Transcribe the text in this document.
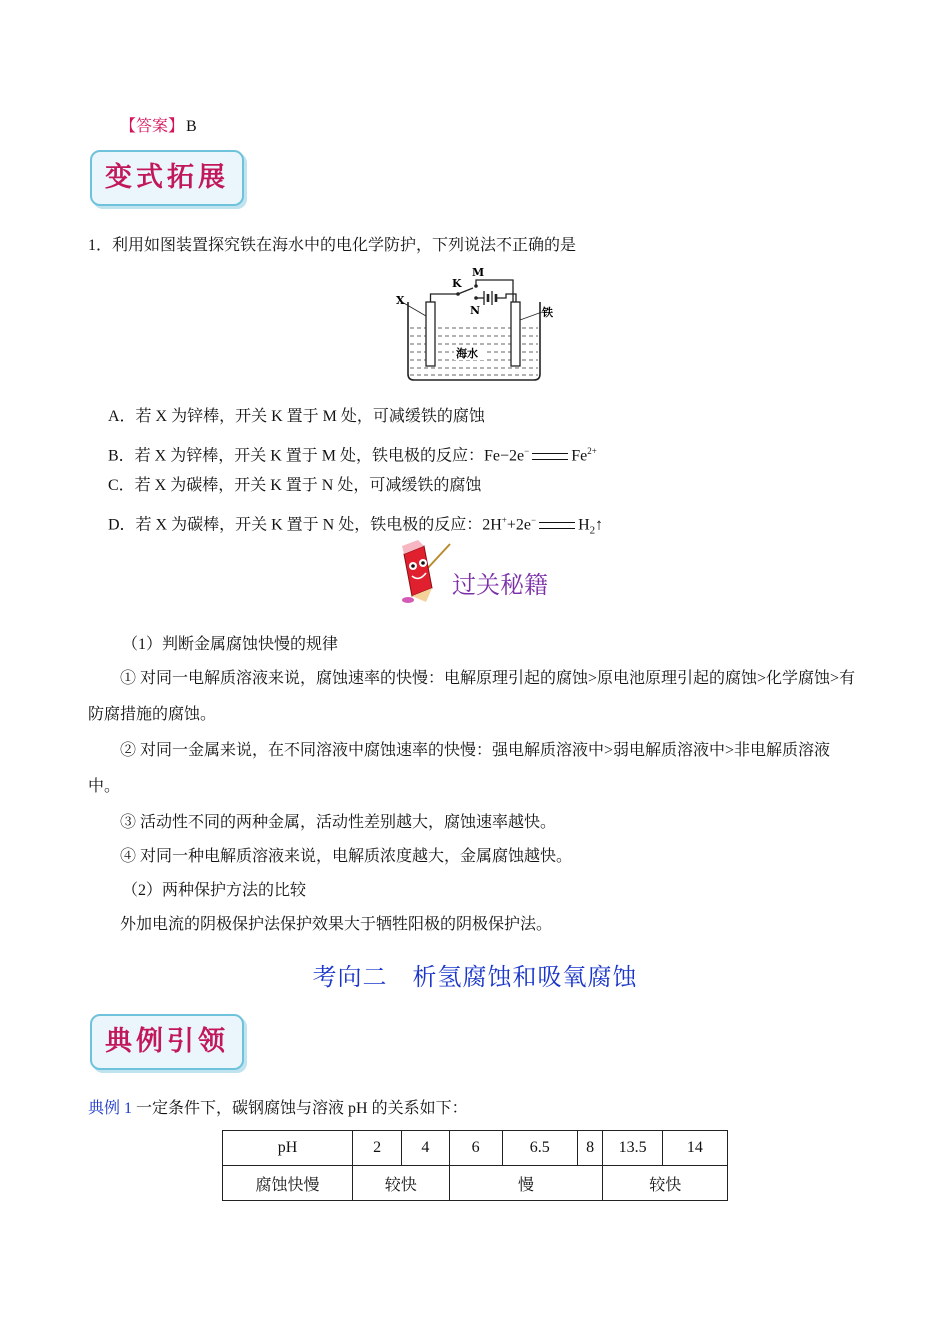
【答案】 B
变式拓展
1．利用如图装置探究铁在海水中的电化学防护，下列说法不正确的是
X
K
M
N	铁
海水
A．若 X 为锌棒，开关 K 置于 M 处，可减缓铁的腐蚀
B．若 X 为锌棒，开关 K 置于 M 处，铁电极的反应：Fe−2e−	$Fe^{2+}$
C．若 X 为碳棒，开关 K 置于 N 处，可减缓铁的腐蚀
D．若 X 为碳棒，开关 K 置于 N 处，铁电极的反应：2H++2e−	$H_2↑$
过关秘籍
（1）判断金属腐蚀快慢的规律
① 对同一电解质溶液来说，腐蚀速率的快慢：电解原理引起的腐蚀>原电池原理引起的腐蚀>化学腐蚀>有防腐措施的腐蚀。
② 对同一金属来说，在不同溶液中腐蚀速率的快慢：强电解质溶液中>弱电解质溶液中>非电解质溶液中。
③ 活动性不同的两种金属，活动性差别越大，腐蚀速率越快。
④ 对同一种电解质溶液来说，电解质浓度越大，金属腐蚀越快。
（2）两种保护方法的比较
外加电流的阴极保护法保护效果大于牺牲阳极的阴极保护法。
考向二　析氢腐蚀和吸氧腐蚀
典例引领
典例 1 一定条件下，碳钢腐蚀与溶液 pH 的关系如下：
pH	2	4	6	6.5	8	13.5	14
腐蚀快慢	较快		慢			较快	
